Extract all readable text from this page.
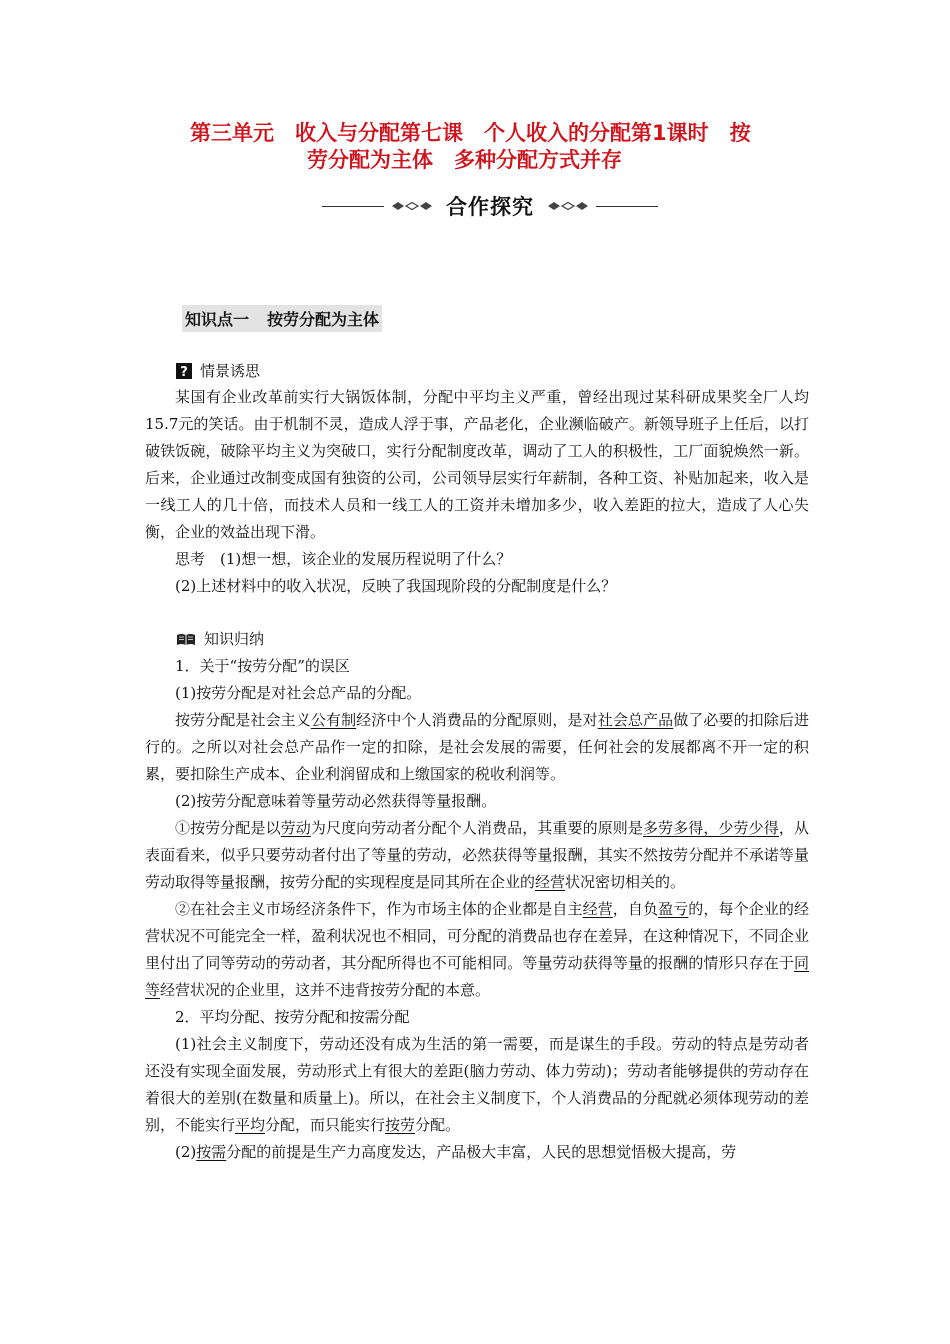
第三单元　收入与分配第七课　个人收入的分配第1课时　按
劳分配为主体　多种分配方式并存
合作探究
知识点一 按劳分配为主体
? 情景诱思

某国有企业改革前实行大锅饭体制，分配中平均主义严重，曾经出现过某科研成果奖全厂人均15.7元的笑话。由于机制不灵，造成人浮于事，产品老化，企业濒临破产。新领导班子上任后，以打破铁饭碗，破除平均主义为突破口，实行分配制度改革，调动了工人的积极性，工厂面貌焕然一新。后来，企业通过改制变成国有独资的公司，公司领导层实行年薪制，各种工资、补贴加起来，收入是一线工人的几十倍，而技术人员和一线工人的工资并未增加多少，收入差距的拉大，造成了人心失衡，企业的效益出现下滑。

思考　(1)想一想，该企业的发展历程说明了什么？

(2)上述材料中的收入状况，反映了我国现阶段的分配制度是什么？

知识归纳

1．关于“按劳分配”的误区

(1)按劳分配是对社会总产品的分配。

按劳分配是社会主义公有制经济中个人消费品的分配原则，是对社会总产品做了必要的扣除后进行的。之所以对社会总产品作一定的扣除，是社会发展的需要，任何社会的发展都离不开一定的积累，要扣除生产成本、企业利润留成和上缴国家的税收利润等。

(2)按劳分配意味着等量劳动必然获得等量报酬。

①按劳分配是以劳动为尺度向劳动者分配个人消费品，其重要的原则是多劳多得，少劳少得，从表面看来，似乎只要劳动者付出了等量的劳动，必然获得等量报酬，其实不然按劳分配并不承诺等量劳动取得等量报酬，按劳分配的实现程度是同其所在企业的经营状况密切相关的。

②在社会主义市场经济条件下，作为市场主体的企业都是自主经营，自负盈亏的，每个企业的经营状况不可能完全一样，盈利状况也不相同，可分配的消费品也存在差异，在这种情况下，不同企业里付出了同等劳动的劳动者，其分配所得也不可能相同。等量劳动获得等量的报酬的情形只存在于同等经营状况的企业里，这并不违背按劳分配的本意。

2．平均分配、按劳分配和按需分配

(1)社会主义制度下，劳动还没有成为生活的第一需要，而是谋生的手段。劳动的特点是劳动者还没有实现全面发展，劳动形式上有很大的差距(脑力劳动、体力劳动)；劳动者能够提供的劳动存在着很大的差别(在数量和质量上)。所以，在社会主义制度下，个人消费品的分配就必须体现劳动的差别，不能实行平均分配，而只能实行按劳分配。

(2)按需分配的前提是生产力高度发达，产品极大丰富，人民的思想觉悟极大提高，劳
